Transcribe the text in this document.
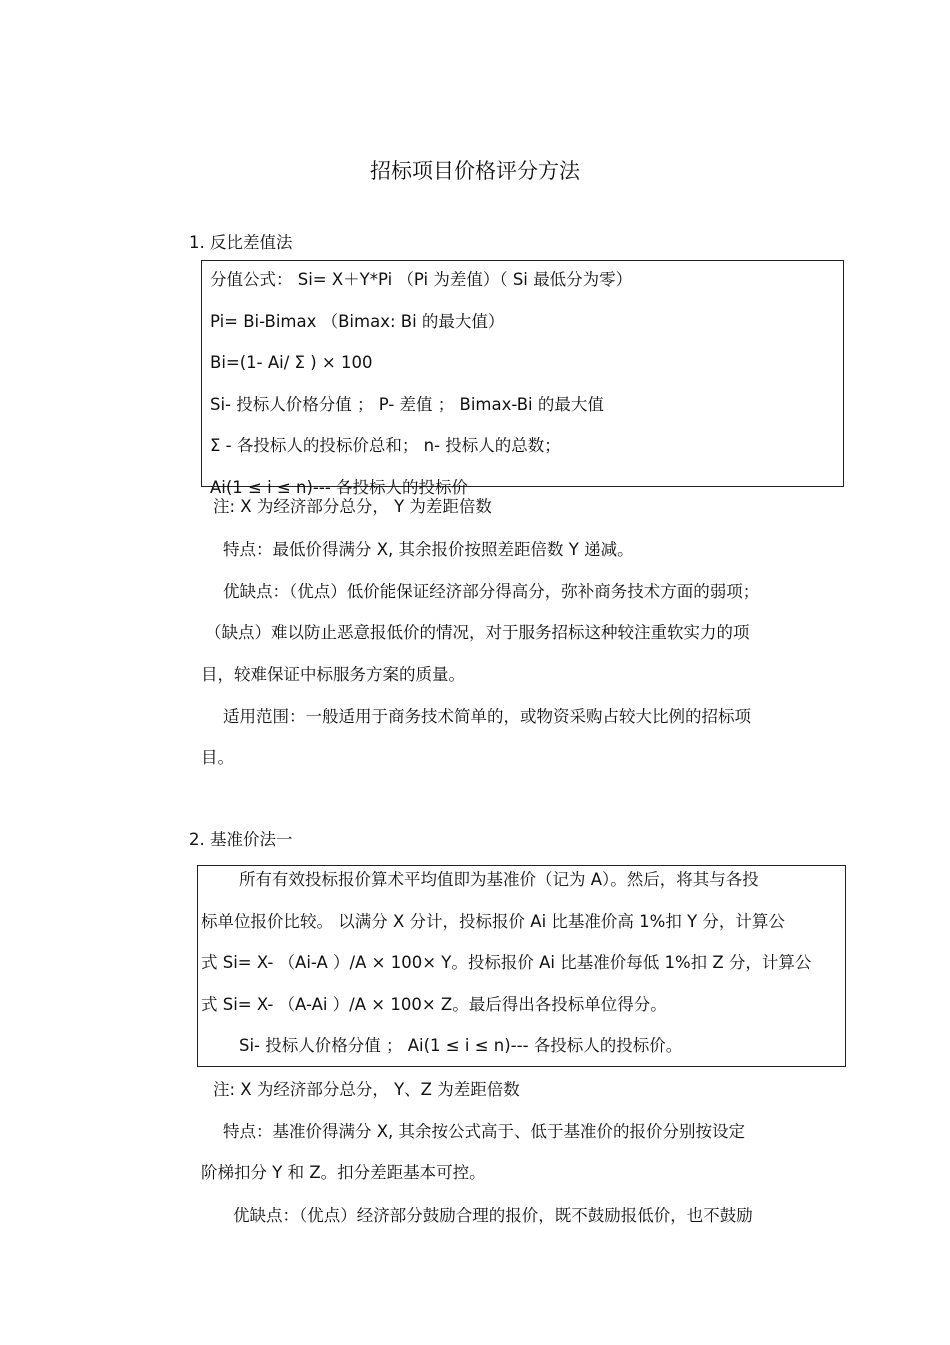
招标项目价格评分方法
1. 反比差值法
分值公式： Si= X＋Y*Pi （Pi 为差值）（ Si 最低分为零）
Pi= Bi-Bimax （Bimax: Bi 的最大值）
Bi=(1- Ai/ Σ ) × 100
Si- 投标人价格分值 ； P- 差值 ； Bimax-Bi 的最大值
Σ - 各投标人的投标价总和； n- 投标人的总数；
Ai(1 ≤ i ≤ n)--- 各投标人的投标价
注: X 为经济部分总分， Y 为差距倍数
特点：最低价得满分 X, 其余报价按照差距倍数 Y 递减。
优缺点：（优点）低价能保证经济部分得高分，弥补商务技术方面的弱项；
（缺点）难以防止恶意报低价的情况，对于服务招标这种较注重软实力的项
目，较难保证中标服务方案的质量。
适用范围：一般适用于商务技术简单的，或物资采购占较大比例的招标项
目。
2. 基准价法一
所有有效投标报价算术平均值即为基准价（记为 A）。然后，将其与各投
标单位报价比较。 以满分 X 分计，投标报价 Ai 比基准价高 1%扣 Y 分，计算公
式 Si= X- （Ai-A ）/A × 100× Y。投标报价 Ai 比基准价每低 1%扣 Z 分，计算公
式 Si= X- （A-Ai ）/A × 100× Z。最后得出各投标单位得分。
Si- 投标人价格分值 ； Ai(1 ≤ i ≤ n)--- 各投标人的投标价。
注: X 为经济部分总分， Y、Z 为差距倍数
特点：基准价得满分 X, 其余按公式高于、低于基准价的报价分别按设定
阶梯扣分 Y 和 Z。扣分差距基本可控。
优缺点：（优点）经济部分鼓励合理的报价，既不鼓励报低价，也不鼓励
